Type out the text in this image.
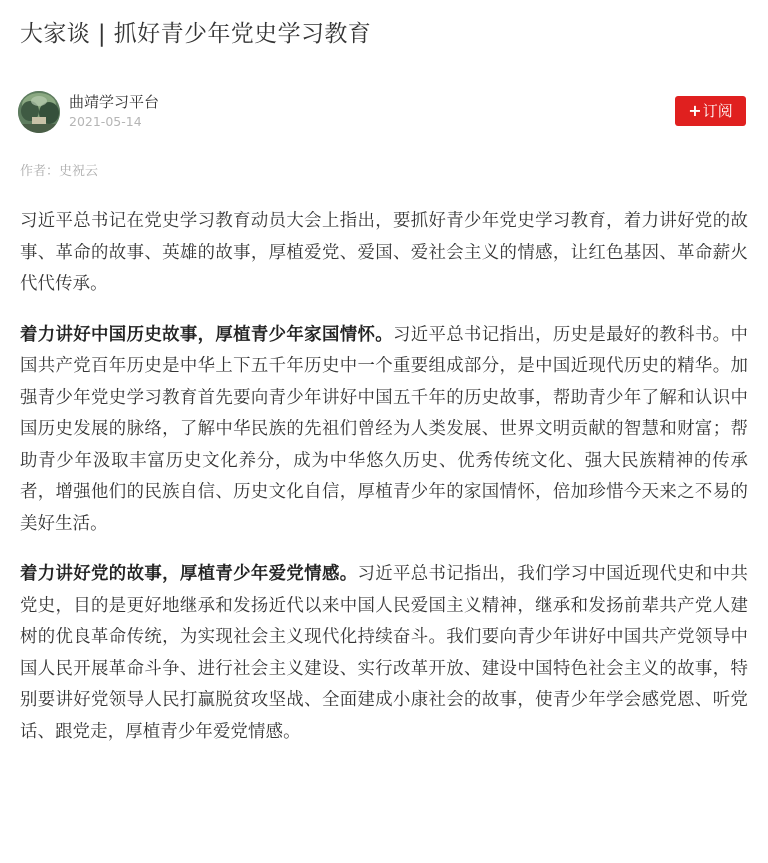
大家谈 | 抓好青少年党史学习教育
曲靖学习平台
2021-05-14
+订阅
作者：史祝云

习近平总书记在党史学习教育动员大会上指出，要抓好青少年党史学习教育，着力讲好党的故事、革命的故事、英雄的故事，厚植爱党、爱国、爱社会主义的情感，让红色基因、革命薪火代代传承。

着力讲好中国历史故事，厚植青少年家国情怀。习近平总书记指出，历史是最好的教科书。中国共产党百年历史是中华上下五千年历史中一个重要组成部分，是中国近现代历史的精华。加强青少年党史学习教育首先要向青少年讲好中国五千年的历史故事，帮助青少年了解和认识中国历史发展的脉络，了解中华民族的先祖们曾经为人类发展、世界文明贡献的智慧和财富；帮助青少年汲取丰富历史文化养分，成为中华悠久历史、优秀传统文化、强大民族精神的传承者，增强他们的民族自信、历史文化自信，厚植青少年的家国情怀，倍加珍惜今天来之不易的美好生活。

着力讲好党的故事，厚植青少年爱党情感。习近平总书记指出，我们学习中国近现代史和中共党史，目的是更好地继承和发扬近代以来中国人民爱国主义精神，继承和发扬前辈共产党人建树的优良革命传统，为实现社会主义现代化持续奋斗。我们要向青少年讲好中国共产党领导中国人民开展革命斗争、进行社会主义建设、实行改革开放、建设中国特色社会主义的故事，特别要讲好党领导人民打赢脱贫攻坚战、全面建成小康社会的故事，使青少年学会感党恩、听党话、跟党走，厚植青少年爱党情感。
